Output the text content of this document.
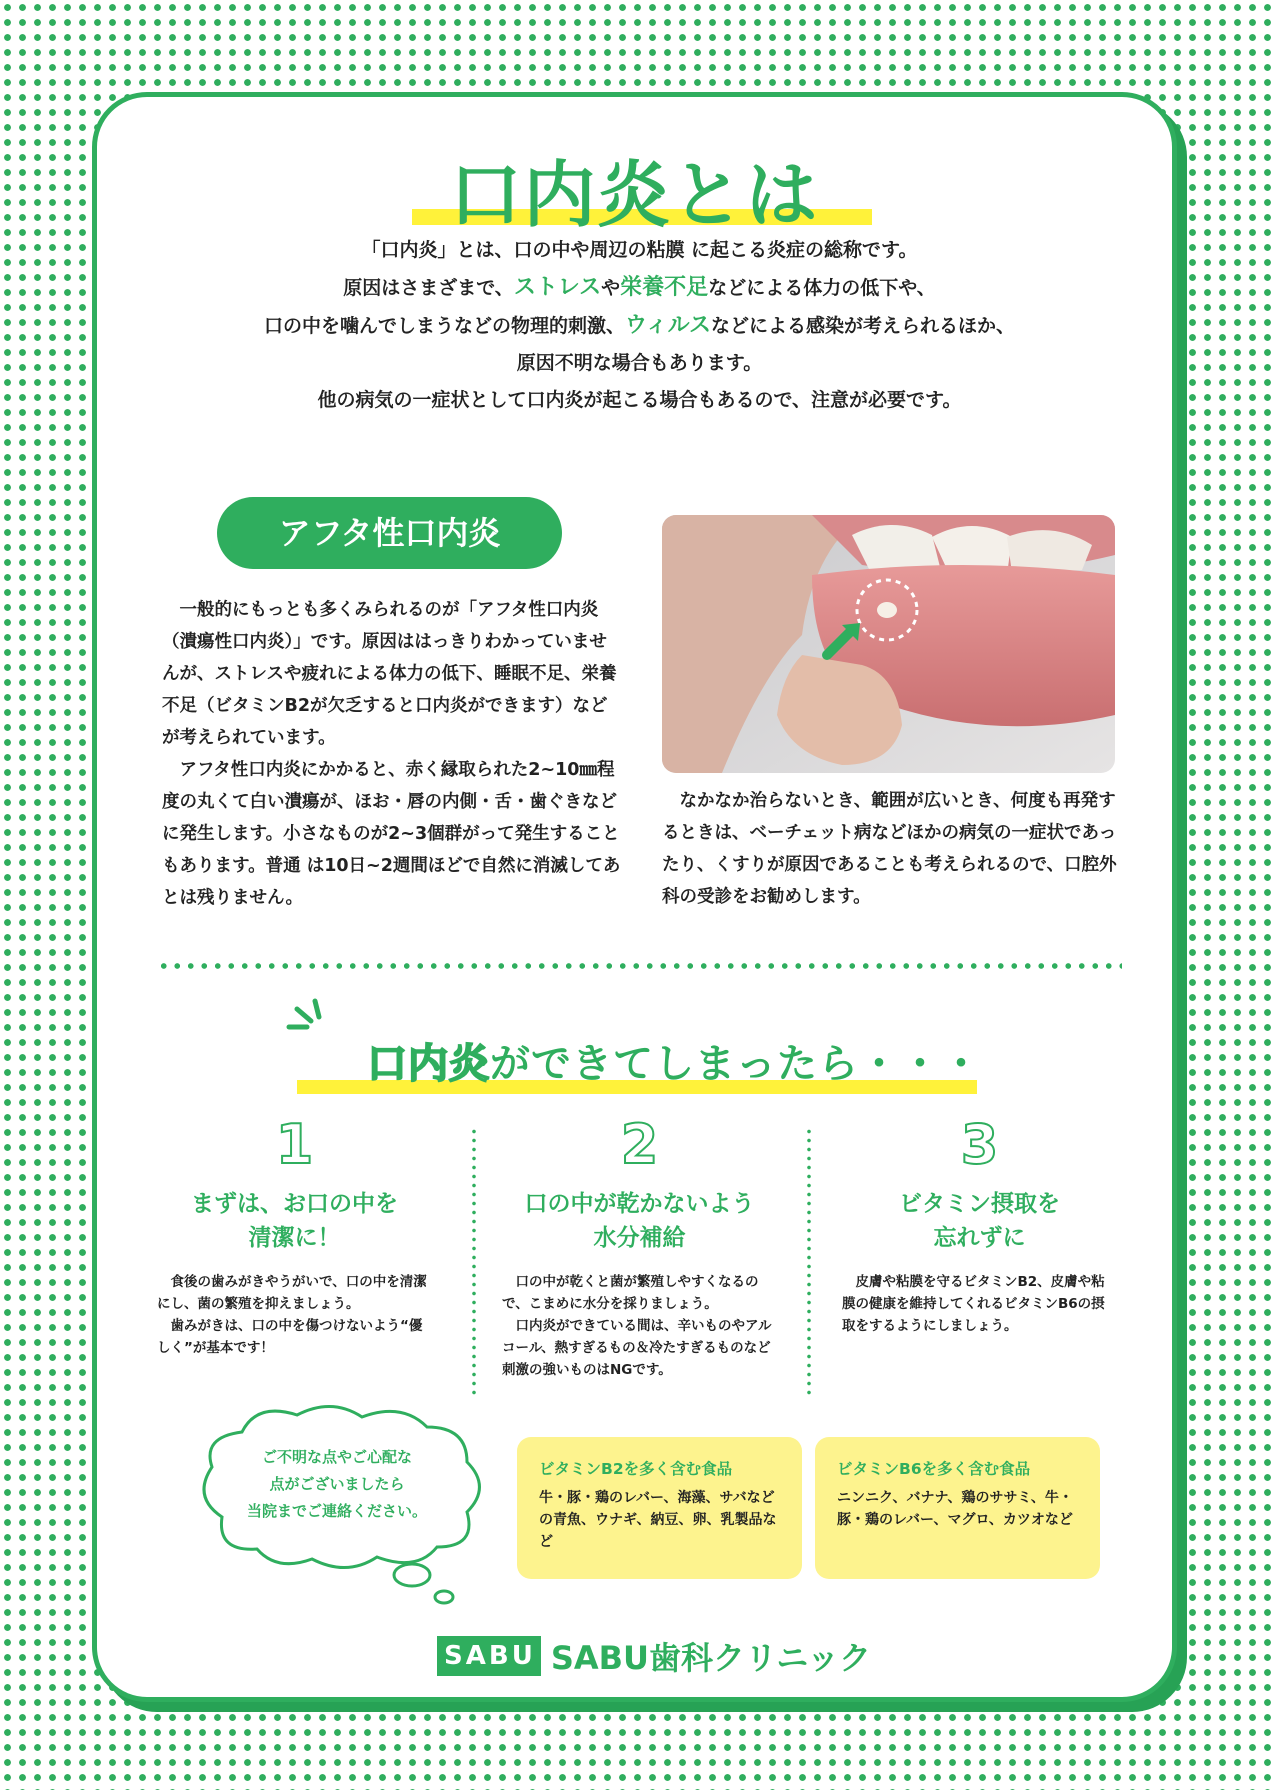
口内炎とは

「口内炎」とは、口の中や周辺の粘膜 に起こる炎症の総称です。

原因はさまざまで、ストレスや栄養不足などによる体力の低下や、

口の中を噛んでしまうなどの物理的刺激、ウィルスなどによる感染が考えられるほか、

原因不明な場合もあります。

他の病気の一症状として口内炎が起こる場合もあるので、注意が必要です。

アフタ性口内炎

一般的にもっとも多くみられるのが「アフタ性口内炎（潰瘍性口内炎）」です。原因ははっきりわかっていませんが、ストレスや疲れによる体力の低下、睡眠不足、栄養不足（ビタミンB2が欠乏すると口内炎ができます）などが考えられています。

アフタ性口内炎にかかると、赤く縁取られた2~10㎜程度の丸くて白い潰瘍が、ほお・唇の内側・舌・歯ぐきなどに発生します。小さなものが2~3個群がって発生することもあります。普通 は10日~2週間ほどで自然に消滅してあとは残りません。

なかなか治らないとき、範囲が広いとき、何度も再発するときは、ベーチェット病などほかの病気の一症状であったり、くすりが原因であることも考えられるので、口腔外科の受診をお勧めします。

口内炎ができてしまったら・・・
1
まずは、お口の中を
清潔に！

食後の歯みがきやうがいで、口の中を清潔にし、菌の繁殖を抑えましょう。

歯みがきは、口の中を傷つけないよう“優しく”が基本です！

2
口の中が乾かないよう
水分補給

口の中が乾くと菌が繁殖しやすくなるので、こまめに水分を採りましょう。

口内炎ができている間は、辛いものやアルコール、熱すぎるもの＆冷たすぎるものなど刺激の強いものはNGです。

3
ビタミン摂取を
忘れずに

皮膚や粘膜を守るビタミンB2、皮膚や粘膜の健康を維持してくれるビタミンB6の摂取をするようにしましょう。

ご不明な点やご心配な
点がございましたら
当院までご連絡ください。
ビタミンB2を多く含む食品
牛・豚・鶏のレバー、海藻、サバなどの青魚、ウナギ、納豆、卵、乳製品など
ビタミンB6を多く含む食品
ニンニク、バナナ、鶏のササミ、牛・豚・鶏のレバー、マグロ、カツオなど
S A B U SABU歯科クリニック
